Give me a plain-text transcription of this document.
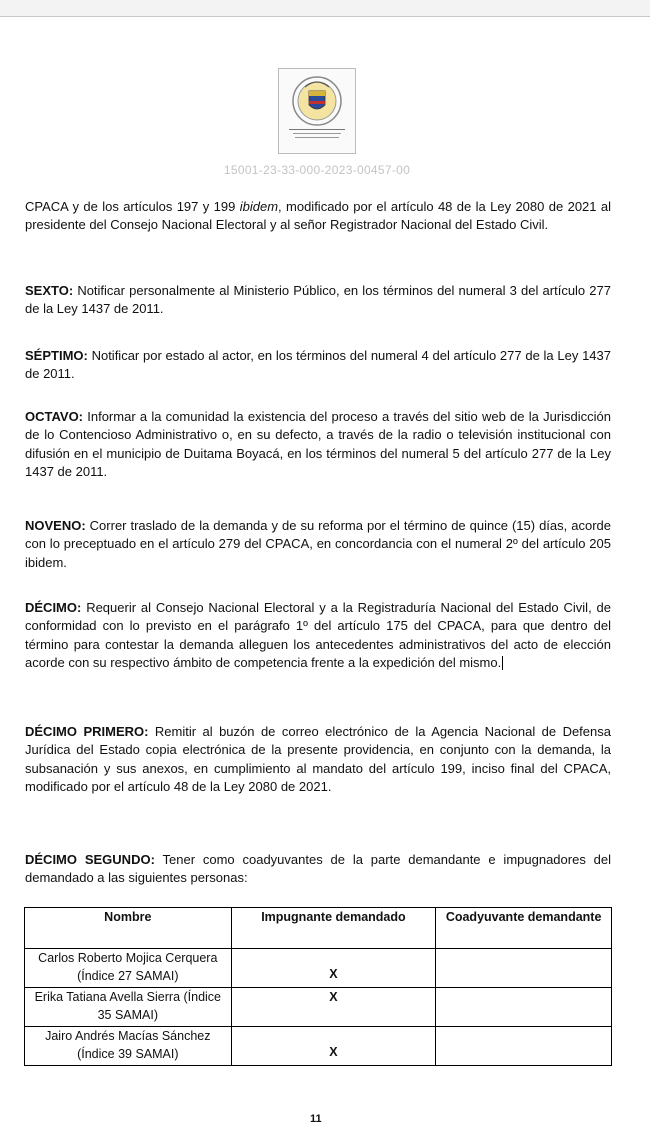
15001-23-33-000-2023-00457-00
CPACA y de los artículos 197 y 199 ibidem, modificado por el artículo 48 de la Ley 2080 de 2021 al presidente del Consejo Nacional Electoral y al señor Registrador Nacional del Estado Civil.
SEXTO: Notificar personalmente al Ministerio Público, en los términos del numeral 3 del artículo 277 de la Ley 1437 de 2011.
SÉPTIMO: Notificar por estado al actor, en los términos del numeral 4 del artículo 277 de la Ley 1437 de 2011.
OCTAVO: Informar a la comunidad la existencia del proceso a través del sitio web de la Jurisdicción de lo Contencioso Administrativo o, en su defecto, a través de la radio o televisión institucional con difusión en el municipio de Duitama Boyacá, en los términos del numeral 5 del artículo 277 de la Ley 1437 de 2011.
NOVENO: Correr traslado de la demanda y de su reforma por el término de quince (15) días, acorde con lo preceptuado en el artículo 279 del CPACA, en concordancia con el numeral 2º del artículo 205 ibidem.
DÉCIMO: Requerir al Consejo Nacional Electoral y a la Registraduría Nacional del Estado Civil, de conformidad con lo previsto en el parágrafo 1º del artículo 175 del CPACA, para que dentro del término para contestar la demanda alleguen los antecedentes administrativos del acto de elección acorde con su respectivo ámbito de competencia frente a la expedición del mismo.
DÉCIMO PRIMERO: Remitir al buzón de correo electrónico de la Agencia Nacional de Defensa Jurídica del Estado copia electrónica de la presente providencia, en conjunto con la demanda, la subsanación y sus anexos, en cumplimiento al mandato del artículo 199, inciso final del CPACA, modificado por el artículo 48 de la Ley 2080 de 2021.
DÉCIMO SEGUNDO: Tener como coadyuvantes de la parte demandante e impugnadores del demandado a las siguientes personas:
Nombre	Impugnante demandado	Coadyuvante demandante
Carlos Roberto Mojica Cerquera (Índice 27 SAMAI)	X	

Erika Tatiana Avella Sierra (Índice 35 SAMAI)	X	

Jairo Andrés Macías Sánchez (Índice 39 SAMAI)	X	

11
